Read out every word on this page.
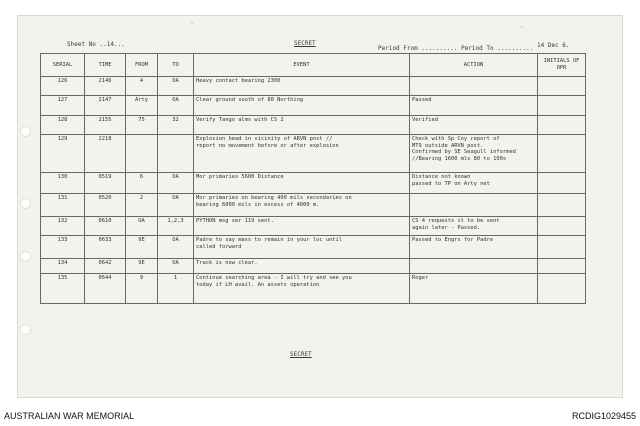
~
^
Sheet No ..14...	SECRET
Period From .......... Period To .......... 14 Dec 6.
SERIAL	TIME	FROM	TO	EVENT	ACTION	INITIALS OF OPR
126	2146	4	OA	Heavy contact bearing 2300		

127	2147	Arty	OA	Clear ground south of 80 Northing	Passed	

128	2155	75	32	Verify Tango alms with CS 2	Verified	

129	2218			Explosion head in vicinity of ARVN post //
report no movement before or after explosion	Check with Sp Coy report of
MT9 outside ARVN post.
Confirmed by SE Seagull informed
//Bearing 1600 mls 80 to 100s	

130	0519	6	OA	Mor primaries 5600 Distance	Distance not known
passed to TP on Arty net	

131	0520	2	OA	Mor primaries on bearing 400 mils secondaries on
bearing 6000 mils in excess of 4000 m.		

132	0610	OA	1,2,3	PYTHON msg ser 119 sent.	CS 4 requests it to be sent
again later - Passed.	

133	0633	9E	OA	Padre to say mass to remain in your loc until
called forward	Passed to Engrs for Padre	

134	0642	9E	OA	Track is now clear.		

135	0644	9	1	Continue searching area - I will try and see you
today if LH avail. An assets operation	Roger	

SECRET
AUSTRALIAN WAR MEMORIAL	RCDIG1029455
